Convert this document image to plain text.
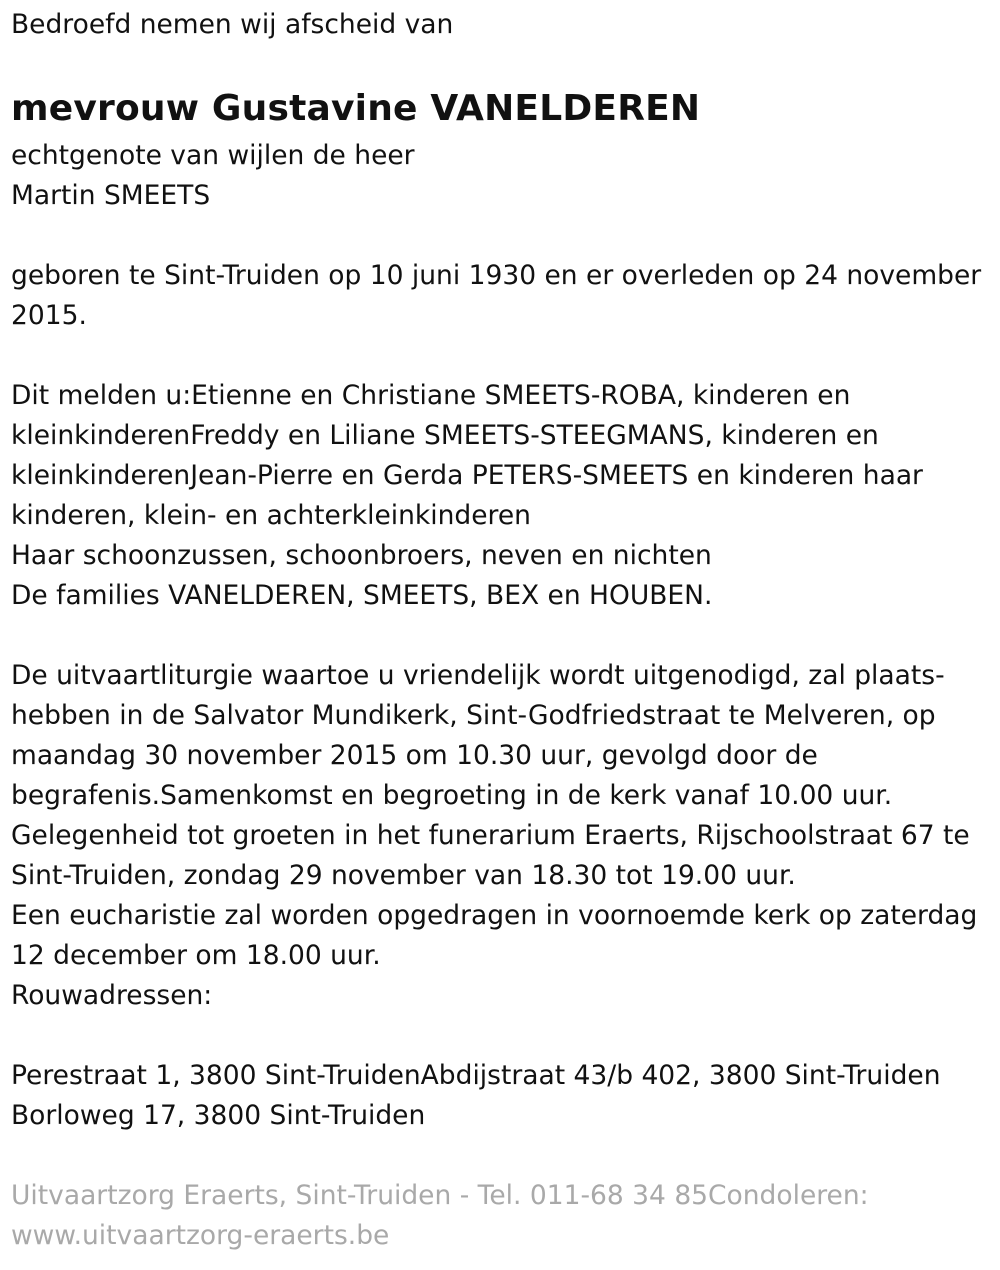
Bedroefd nemen wij afscheid van

mevrouw Gustavine VANELDEREN

echtgenote van wijlen de heer

Martin SMEETS

geboren te Sint-Truiden op 10 juni 1930 en er overleden op 24 november 2015.

Dit melden u:Etienne en Christiane SMEETS-ROBA, kinderen en kleinkinderenFreddy en Liliane SMEETS-STEEGMANS, kinderen en kleinkinderenJean-Pierre en Gerda PETERS-SMEETS en kinderen haar kinderen, klein- en achterkleinkinderen

Haar schoonzussen, schoonbroers, neven en nichten

De families VANELDEREN, SMEETS, BEX en HOUBEN.

De uitvaartliturgie waartoe u vriendelijk wordt uitgenodigd, zal plaats-hebben in de Salvator Mundikerk, Sint-Godfriedstraat te Melveren, op maandag 30 november 2015 om 10.30 uur, gevolgd door de begrafenis.Samenkomst en begroeting in de kerk vanaf 10.00 uur.

Gelegenheid tot groeten in het funerarium Eraerts, Rijschoolstraat 67 te Sint-Truiden, zondag 29 november van 18.30 tot 19.00 uur.

Een eucharistie zal worden opgedragen in voornoemde kerk op zaterdag 12 december om 18.00 uur.

Rouwadressen:

Perestraat 1, 3800 Sint-TruidenAbdijstraat 43/b 402, 3800 Sint-Truiden

Borloweg 17, 3800 Sint-Truiden

Uitvaartzorg Eraerts, Sint-Truiden - Tel. 011-68 34 85Condoleren:

www.uitvaartzorg-eraerts.be
